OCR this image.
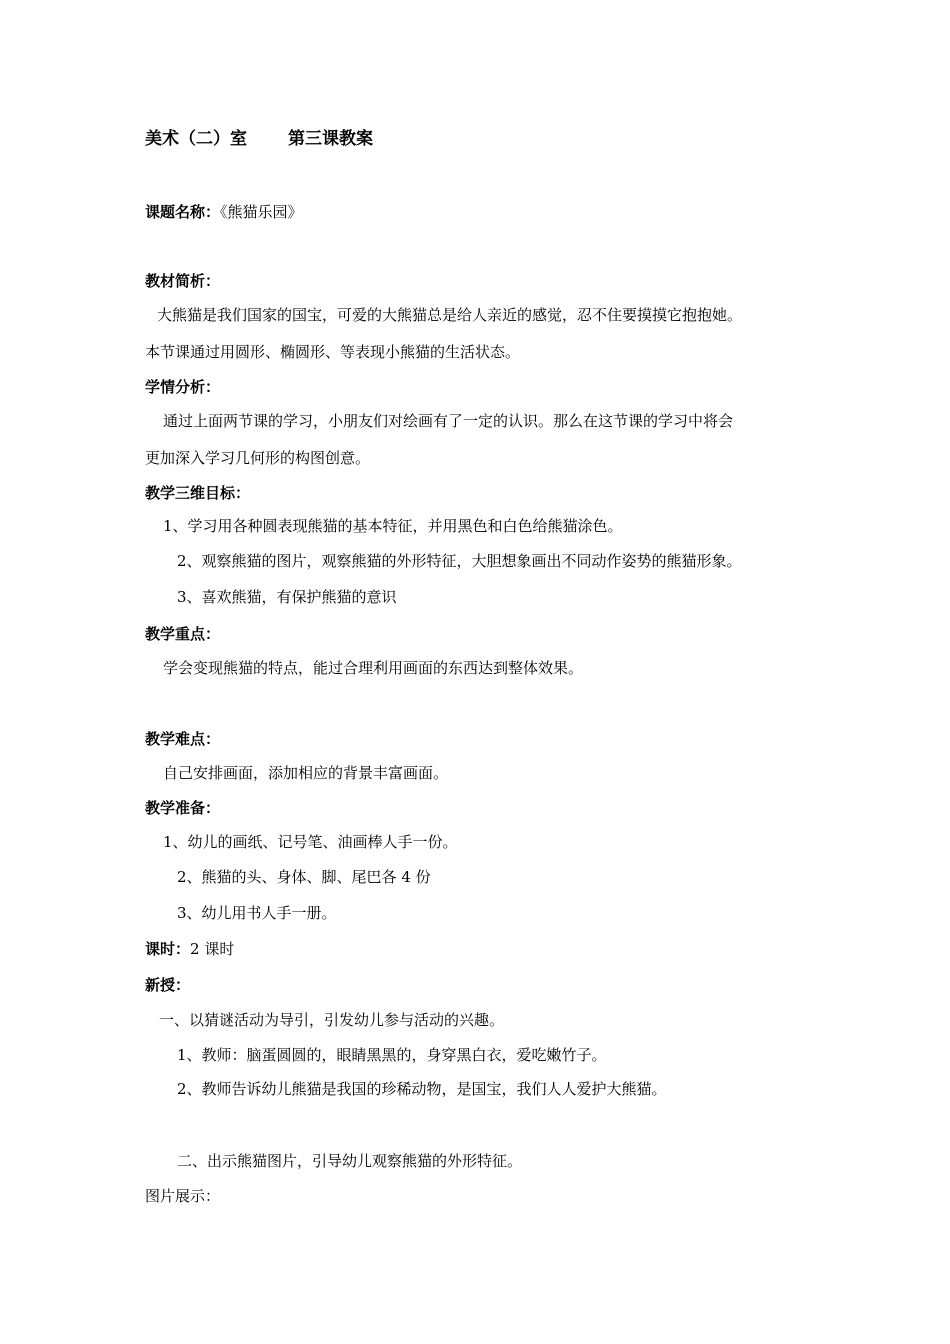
美术（二）室 第三课教案
课题名称：《熊猫乐园》
教材简析：
大熊猫是我们国家的国宝，可爱的大熊猫总是给人亲近的感觉，忍不住要摸摸它抱抱她。
本节课通过用圆形、椭圆形、等表现小熊猫的生活状态。
学情分析：
通过上面两节课的学习，小朋友们对绘画有了一定的认识。那么在这节课的学习中将会
更加深入学习几何形的构图创意。
教学三维目标：
1、学习用各种圆表现熊猫的基本特征，并用黑色和白色给熊猫涂色。
2、观察熊猫的图片，观察熊猫的外形特征，大胆想象画出不同动作姿势的熊猫形象。
3、喜欢熊猫，有保护熊猫的意识
教学重点：
学会变现熊猫的特点，能过合理利用画面的东西达到整体效果。
教学难点：
自己安排画面，添加相应的背景丰富画面。
教学准备：
1、幼儿的画纸、记号笔、油画棒人手一份。
2、熊猫的头、身体、脚、尾巴各 4 份
3、幼儿用书人手一册。
课时：2 课时
新授：
一、以猜谜活动为导引，引发幼儿参与活动的兴趣。
1、教师：脑蛋圆圆的，眼睛黑黑的，身穿黑白衣，爱吃嫩竹子。
2、教师告诉幼儿熊猫是我国的珍稀动物，是国宝，我们人人爱护大熊猫。
二、出示熊猫图片，引导幼儿观察熊猫的外形特征。
图片展示：
